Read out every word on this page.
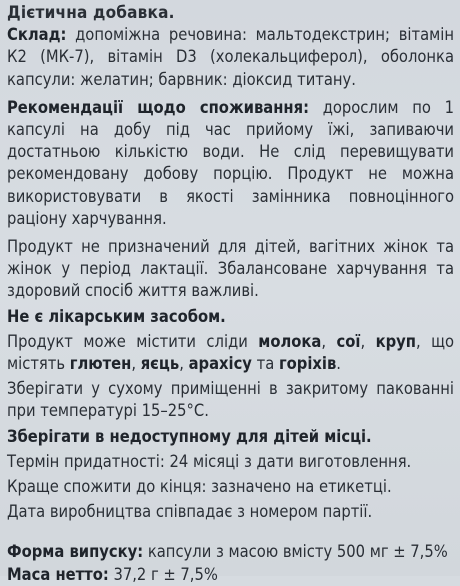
Дієтична добавка.

Склад: допоміжна речовина: мальтодекстрин; вітамін К2 (МК-7), вітамін D3 (холекальциферол), оболонка капсули: желатин; барвник: діоксид титану.

Рекомендації щодо споживання: дорослим по 1 капсулі на добу під час прийому їжі, запиваючи достатньою кількістю води. Не слід перевищувати рекомендовану добову порцію. Продукт не можна використовувати в якості замінника повноцінного раціону харчування.

Продукт не призначений для дітей, вагітних жінок та жінок у період лактації. Збалансоване харчування та здоровий спосіб життя важливі.

Не є лікарським засобом.

Продукт може містити сліди молока, сої, круп, що містять глютен, яєць, арахісу та горіхів.

Зберігати у сухому приміщенні в закритому пакованні при температурі 15–25°C.

Зберігати в недоступному для дітей місці.

Термін придатності: 24 місяці з дати виготовлення.

Краще спожити до кінця: зазначено на етикетці.

Дата виробництва співпадає з номером партії.

Форма випуску: капсули з масою вмісту 500 мг ± 7,5%

Маса нетто: 37,2 г ± 7,5%
